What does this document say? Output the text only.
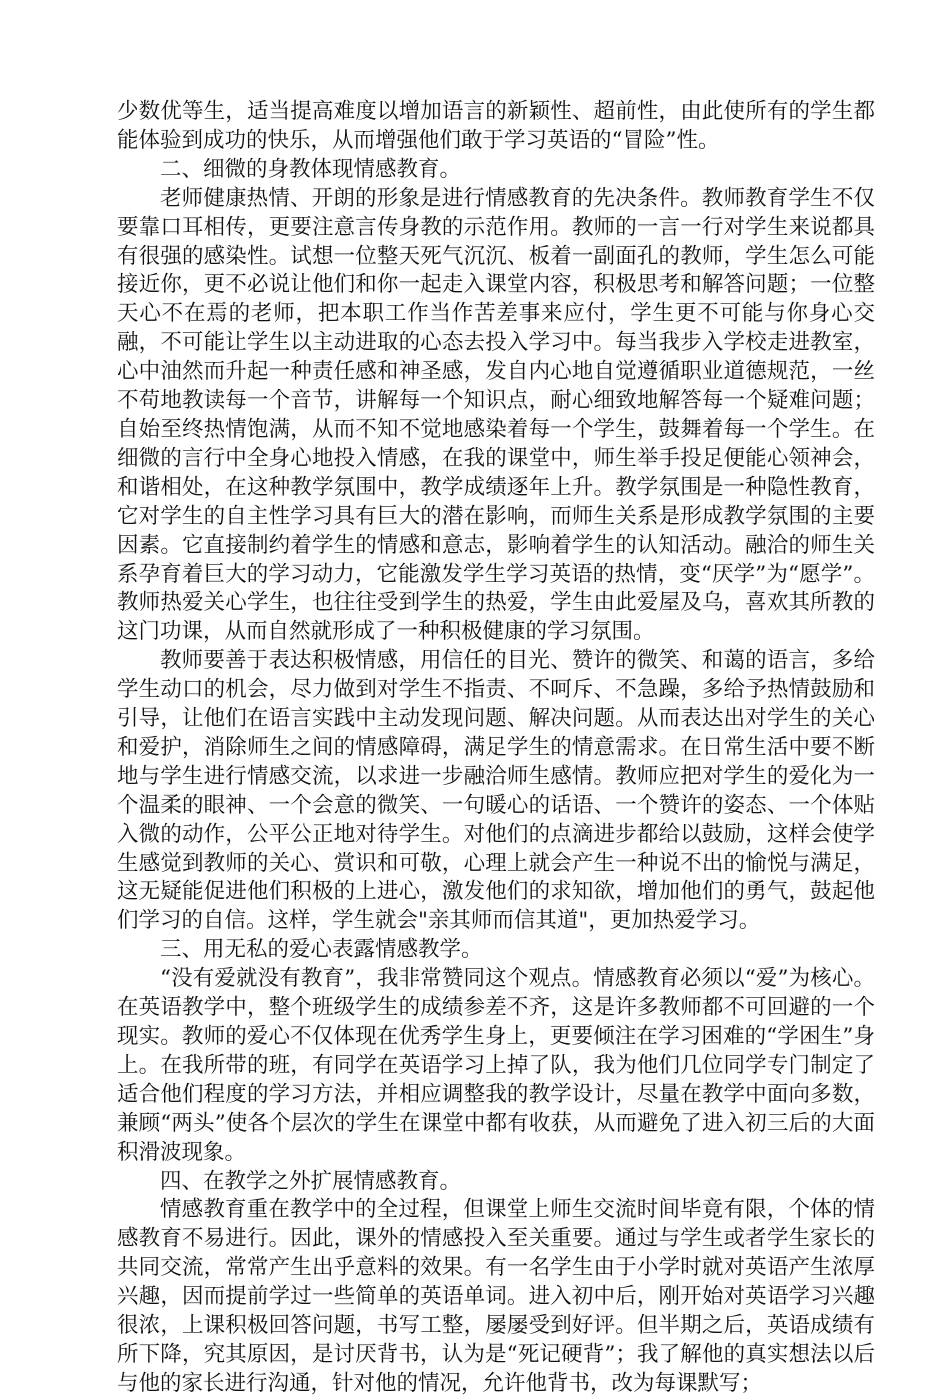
少数优等生，适当提高难度以增加语言的新颖性、超前性，由此使所有的学生都能体验到成功的快乐，从而增强他们敢于学习英语的“冒险”性。

二、细微的身教体现情感教育。

老师健康热情、开朗的形象是进行情感教育的先决条件。教师教育学生不仅要靠口耳相传，更要注意言传身教的示范作用。教师的一言一行对学生来说都具有很强的感染性。试想一位整天死气沉沉、板着一副面孔的教师，学生怎么可能接近你，更不必说让他们和你一起走入课堂内容，积极思考和解答问题；一位整天心不在焉的老师，把本职工作当作苦差事来应付，学生更不可能与你身心交融，不可能让学生以主动进取的心态去投入学习中。每当我步入学校走进教室，心中油然而升起一种责任感和神圣感，发自内心地自觉遵循职业道德规范，一丝不苟地教读每一个音节，讲解每一个知识点，耐心细致地解答每一个疑难问题；自始至终热情饱满，从而不知不觉地感染着每一个学生，鼓舞着每一个学生。在细微的言行中全身心地投入情感，在我的课堂中，师生举手投足便能心领神会，和谐相处，在这种教学氛围中，教学成绩逐年上升。教学氛围是一种隐性教育，它对学生的自主性学习具有巨大的潜在影响，而师生关系是形成教学氛围的主要因素。它直接制约着学生的情感和意志，影响着学生的认知活动。融洽的师生关系孕育着巨大的学习动力，它能激发学生学习英语的热情，变“厌学”为“愿学”。教师热爱关心学生，也往往受到学生的热爱，学生由此爱屋及乌，喜欢其所教的这门功课，从而自然就形成了一种积极健康的学习氛围。

教师要善于表达积极情感，用信任的目光、赞许的微笑、和蔼的语言，多给学生动口的机会，尽力做到对学生不指责、不呵斥、不急躁，多给予热情鼓励和引导，让他们在语言实践中主动发现问题、解决问题。从而表达出对学生的关心和爱护，消除师生之间的情感障碍，满足学生的情意需求。在日常生活中要不断地与学生进行情感交流，以求进一步融洽师生感情。教师应把对学生的爱化为一个温柔的眼神、一个会意的微笑、一句暖心的话语、一个赞许的姿态、一个体贴入微的动作，公平公正地对待学生。对他们的点滴进步都给以鼓励，这样会使学生感觉到教师的关心、赏识和可敬，心理上就会产生一种说不出的愉悦与满足，这无疑能促进他们积极的上进心，激发他们的求知欲，增加他们的勇气，鼓起他们学习的自信。这样，学生就会"亲其师而信其道"，更加热爱学习。

三、用无私的爱心表露情感教学。

“没有爱就没有教育”，我非常赞同这个观点。情感教育必须以“爱”为核心。在英语教学中，整个班级学生的成绩参差不齐，这是许多教师都不可回避的一个现实。教师的爱心不仅体现在优秀学生身上，更要倾注在学习困难的“学困生”身上。在我所带的班，有同学在英语学习上掉了队，我为他们几位同学专门制定了适合他们程度的学习方法，并相应调整我的教学设计，尽量在教学中面向多数，兼顾“两头”使各个层次的学生在课堂中都有收获，从而避免了进入初三后的大面积滑波现象。

四、在教学之外扩展情感教育。

情感教育重在教学中的全过程，但课堂上师生交流时间毕竟有限，个体的情感教育不易进行。因此，课外的情感投入至关重要。通过与学生或者学生家长的共同交流，常常产生出乎意料的效果。有一名学生由于小学时就对英语产生浓厚兴趣，因而提前学过一些简单的英语单词。进入初中后，刚开始对英语学习兴趣很浓，上课积极回答问题，书写工整，屡屡受到好评。但半期之后，英语成绩有所下降，究其原因，是讨厌背书，认为是“死记硬背”；我了解他的真实想法以后与他的家长进行沟通，针对他的情况，允许他背书，改为每课默写；
